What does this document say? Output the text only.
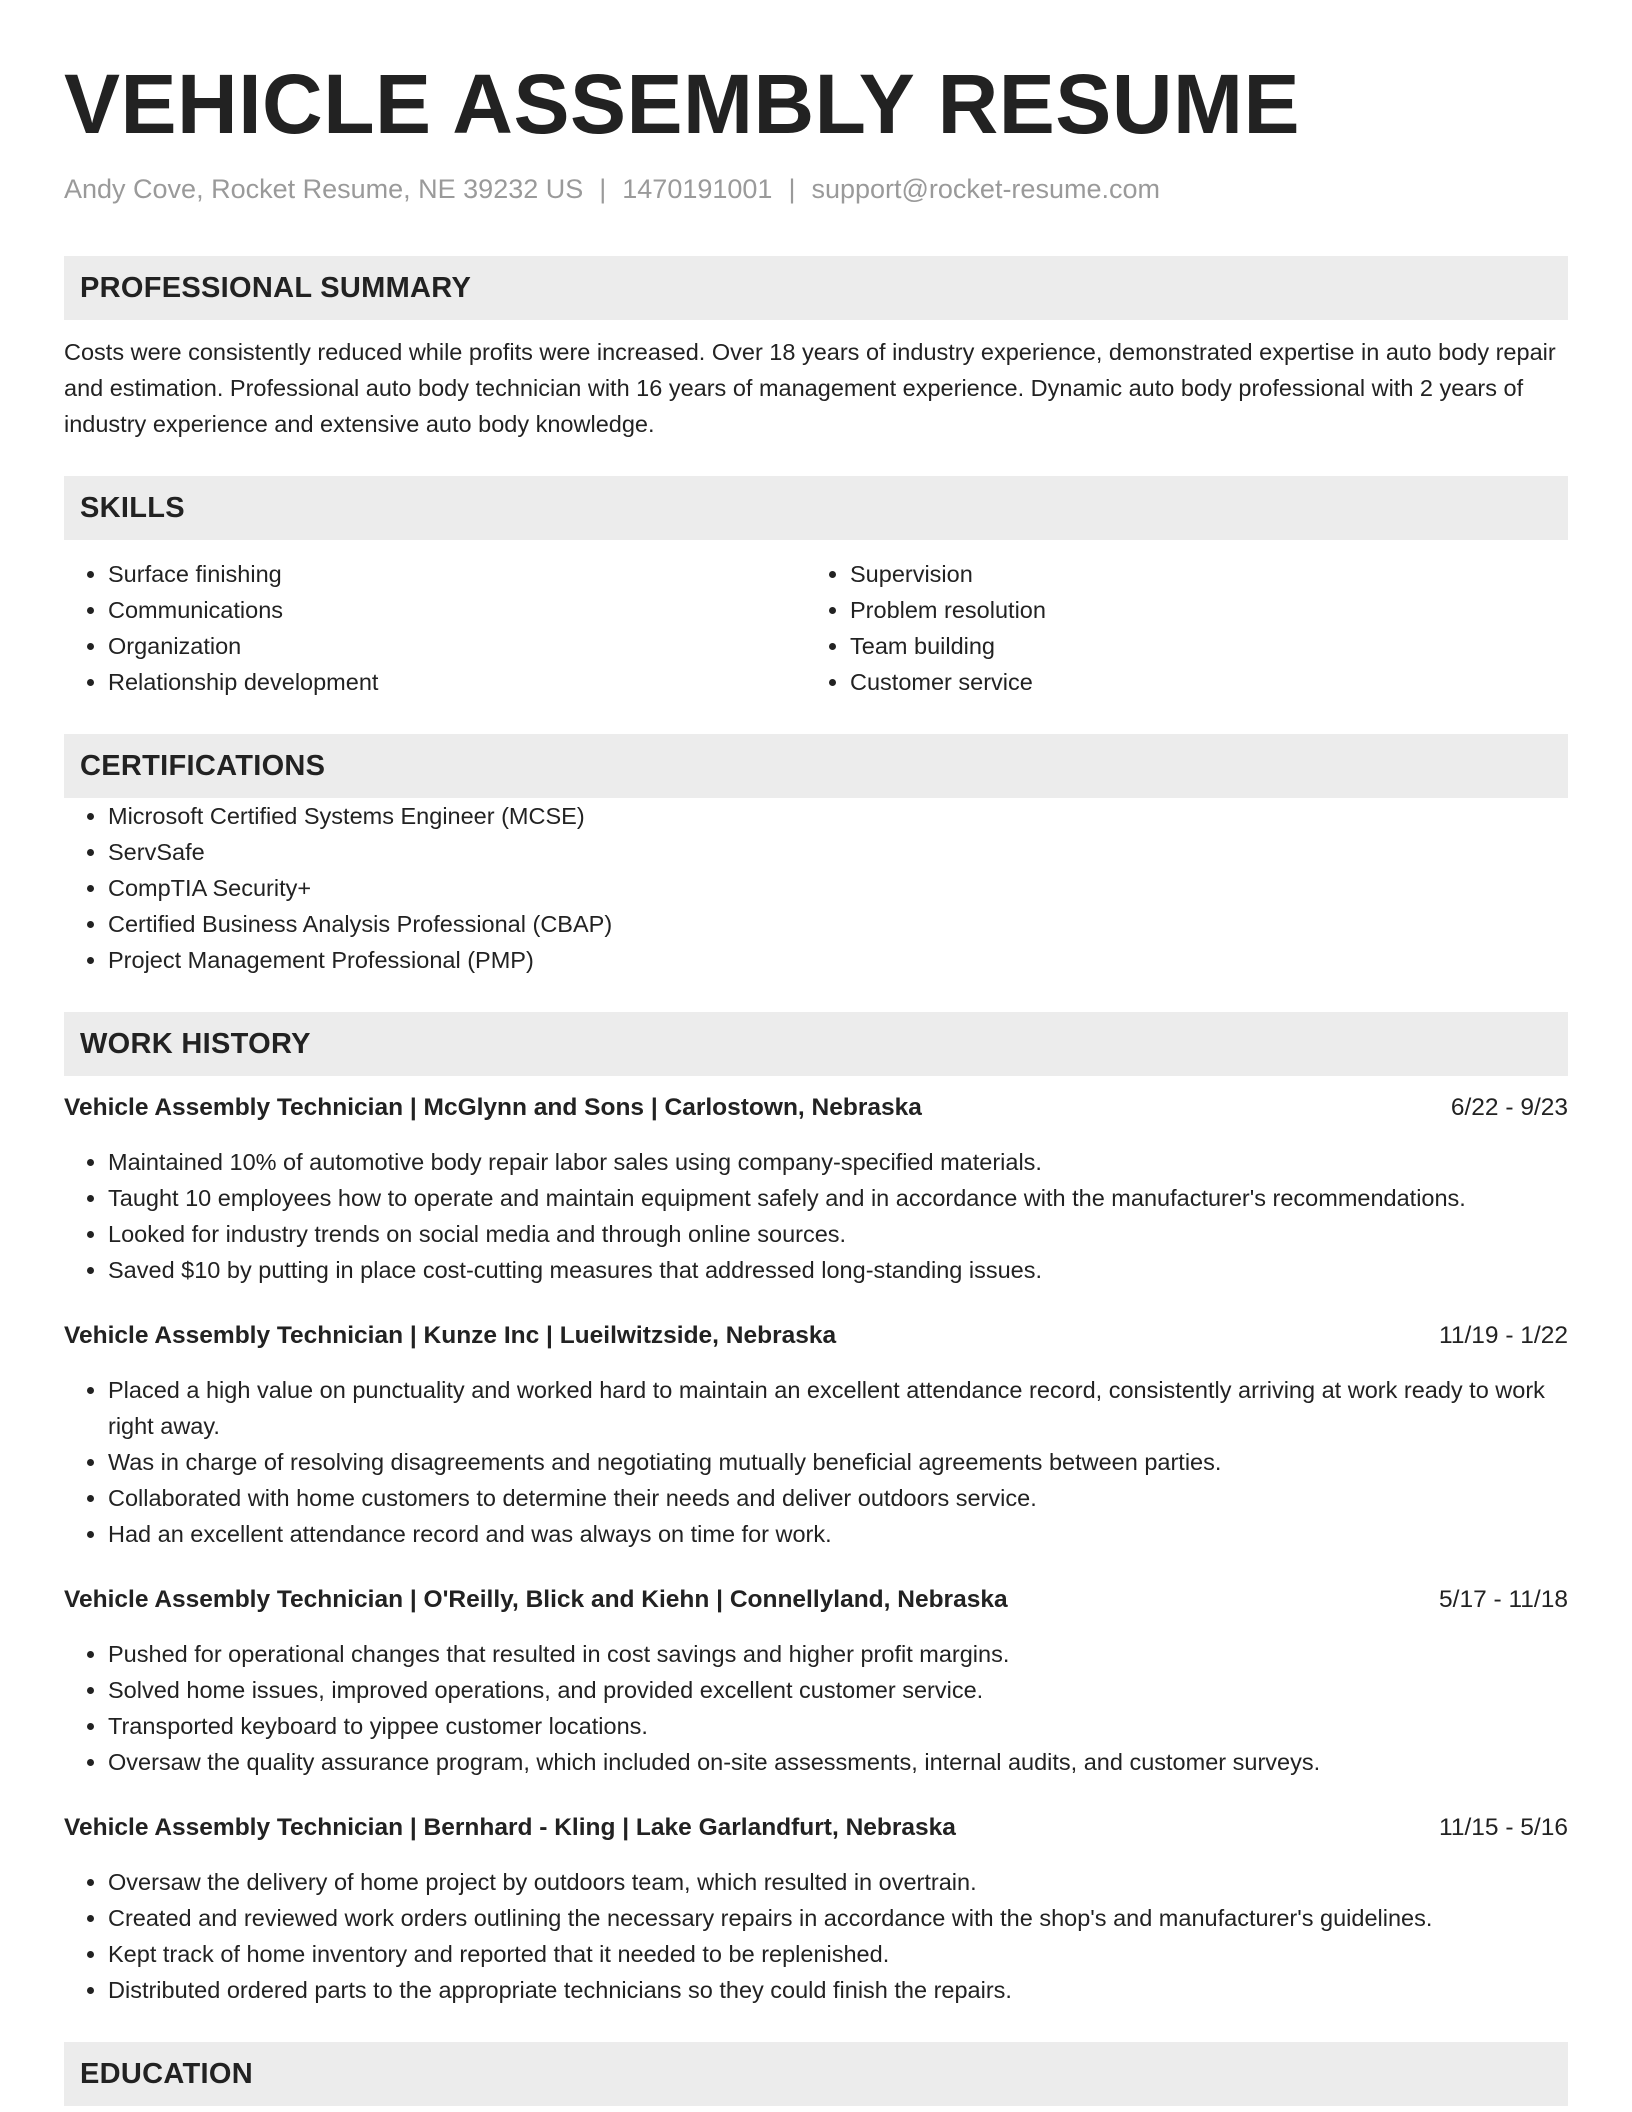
VEHICLE ASSEMBLY RESUME
Andy Cove, Rocket Resume, NE 39232 US | 1470191001 | support@rocket-resume.com
PROFESSIONAL SUMMARY
Costs were consistently reduced while profits were increased. Over 18 years of industry experience, demonstrated expertise in auto body repair and estimation. Professional auto body technician with 16 years of management experience. Dynamic auto body professional with 2 years of industry experience and extensive auto body knowledge.
SKILLS
• Surface finishing
• Communications
• Organization
• Relationship development
• Supervision
• Problem resolution
• Team building
• Customer service
CERTIFICATIONS
• Microsoft Certified Systems Engineer (MCSE)
• ServSafe
• CompTIA Security+
• Certified Business Analysis Professional (CBAP)
• Project Management Professional (PMP)
WORK HISTORY
Vehicle Assembly Technician | McGlynn and Sons | Carlostown, Nebraska	6/22 - 9/23
• Maintained 10% of automotive body repair labor sales using company-specified materials.
• Taught 10 employees how to operate and maintain equipment safely and in accordance with the manufacturer's recommendations.
• Looked for industry trends on social media and through online sources.
• Saved $10 by putting in place cost-cutting measures that addressed long-standing issues.
Vehicle Assembly Technician | Kunze Inc | Lueilwitzside, Nebraska	11/19 - 1/22
• Placed a high value on punctuality and worked hard to maintain an excellent attendance record, consistently arriving at work ready to work right away.
• Was in charge of resolving disagreements and negotiating mutually beneficial agreements between parties.
• Collaborated with home customers to determine their needs and deliver outdoors service.
• Had an excellent attendance record and was always on time for work.
Vehicle Assembly Technician | O'Reilly, Blick and Kiehn | Connellyland, Nebraska	5/17 - 11/18
• Pushed for operational changes that resulted in cost savings and higher profit margins.
• Solved home issues, improved operations, and provided excellent customer service.
• Transported keyboard to yippee customer locations.
• Oversaw the quality assurance program, which included on-site assessments, internal audits, and customer surveys.
Vehicle Assembly Technician | Bernhard - Kling | Lake Garlandfurt, Nebraska	11/15 - 5/16
• Oversaw the delivery of home project by outdoors team, which resulted in overtrain.
• Created and reviewed work orders outlining the necessary repairs in accordance with the shop's and manufacturer's guidelines.
• Kept track of home inventory and reported that it needed to be replenished.
• Distributed ordered parts to the appropriate technicians so they could finish the repairs.
EDUCATION
